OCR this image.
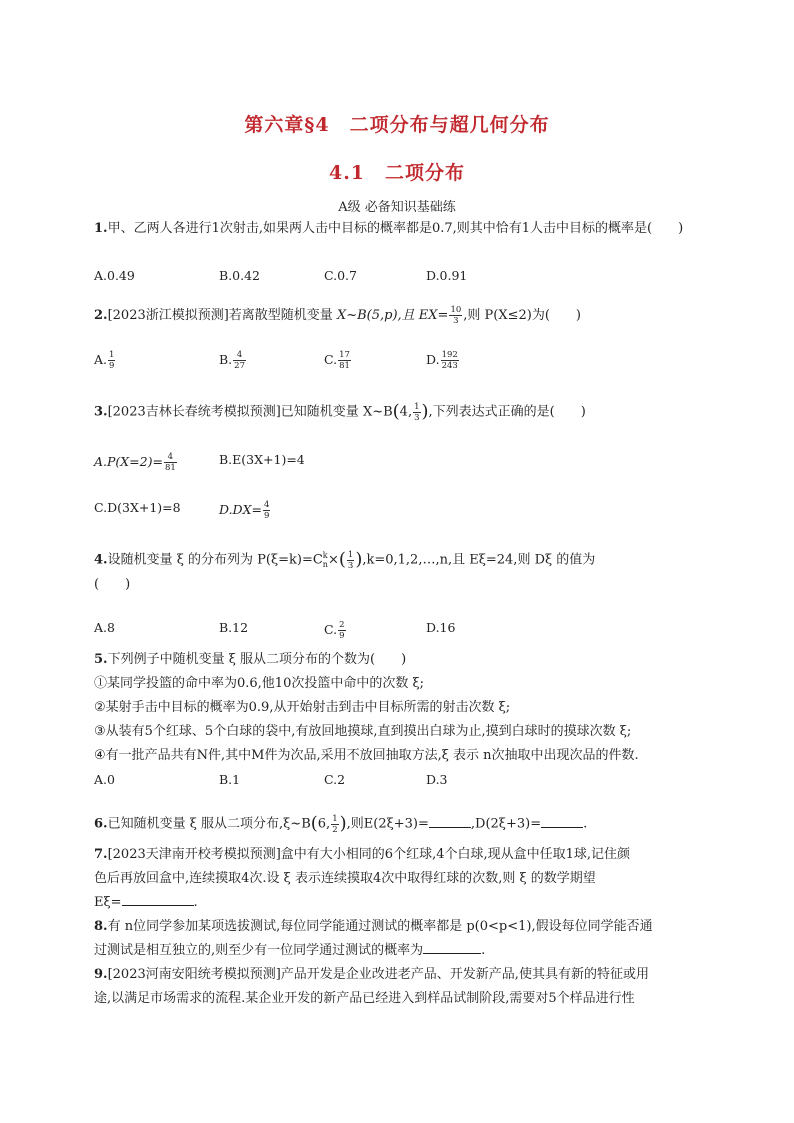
第六章§4　二项分布与超几何分布
4.1　二项分布
A级 必备知识基础练
1.甲、乙两人各进行1次射击,如果两人击中目标的概率都是0.7,则其中恰有1人击中目标的概率是(　　)
A.0.49	B.0.42	C.0.7	D.0.91
2.[2023浙江模拟预测]若离散型随机变量 X~B(5,p),且 $EX= \frac{10}{3}$ ,则 P(X≤2)为(　　)
A. $\frac{1}{9}$	B. $\frac{4}{27}$	C. $\frac{17}{81}$	D. $\frac{192}{243}$
3.[2023吉林长春统考模拟预测]已知随机变量 X~B(4, $\frac{1}{3}$ ),下列表达式正确的是(　　)
$A.P(X=2)= \frac{4}{81}$	B.E(3X+1)=4
C.D(3X+1)=8	$D.DX= \frac{4}{9}$
4.设随机变量 ξ 的分布列为 P(ξ=k)=C k
n ×( $\frac{1}{3}$ ),k=0,1,2,…,n,且 Eξ=24,则 Dξ 的值为
(　　)
A.8	B.12	C. $\frac{2}{9}$	D.16
5.下列例子中随机变量 ξ 服从二项分布的个数为(　　)
①某同学投篮的命中率为0.6,他10次投篮中命中的次数 ξ;
②某射手击中目标的概率为0.9,从开始射击到击中目标所需的射击次数 ξ;
③从装有5个红球、5个白球的袋中,有放回地摸球,直到摸出白球为止,摸到白球时的摸球次数 ξ;
④有一批产品共有N件,其中M件为次品,采用不放回抽取方法,ξ 表示 n次抽取中出现次品的件数.
A.0	B.1	C.2	D.3
6.已知随机变量 ξ 服从二项分布,ξ~B(6, $\frac{1}{2}$ ),则E(2ξ+3)=	,D(2ξ+3)=	.
7.[2023天津南开校考模拟预测]盒中有大小相同的6个红球,4个白球,现从盒中任取1球,记住颜
色后再放回盒中,连续摸取4次.设 ξ 表示连续摸取4次中取得红球的次数,则 ξ 的数学期望
Eξ=	.
8.有 n位同学参加某项选拔测试,每位同学能通过测试的概率都是 p(0<p<1),假设每位同学能否通
过测试是相互独立的,则至少有一位同学通过测试的概率为	.
9.[2023河南安阳统考模拟预测]产品开发是企业改进老产品、开发新产品,使其具有新的特征或用
途,以满足市场需求的流程.某企业开发的新产品已经进入到样品试制阶段,需要对5个样品进行性
